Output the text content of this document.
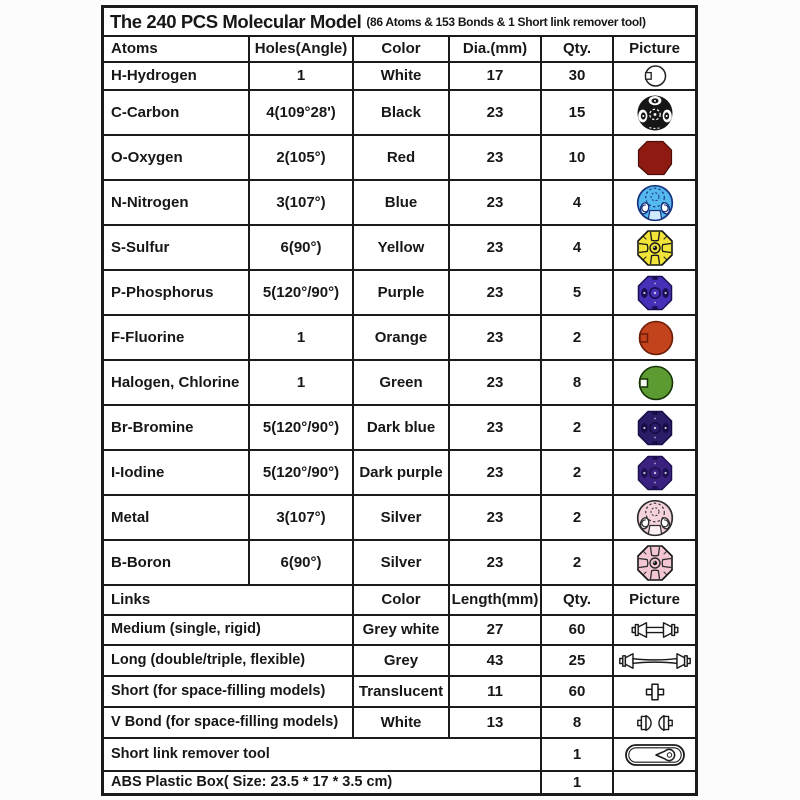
The 240 PCS Molecular Model (86 Atoms & 153 Bonds & 1 Short link remover tool)
Atoms	Holes(Angle)	Color	Dia.(mm)	Qty.	Picture
H-Hydrogen	1	White	17	30
C-Carbon	4(109°28')	Black	23	15
O-Oxygen	2(105°)	Red	23	10
N-Nitrogen	3(107°)	Blue	23	4
S-Sulfur	6(90°)	Yellow	23	4
P-Phosphorus	5(120°/90°)	Purple	23	5
F-Fluorine	1	Orange	23	2
Halogen, Chlorine	1	Green	23	8
Br-Bromine	5(120°/90°)	Dark blue	23	2
I-Iodine	5(120°/90°)	Dark purple	23	2
Metal	3(107°)	Silver	23	2
B-Boron	6(90°)	Silver	23	2
Links	Color	Length(mm)	Qty.	Picture
Medium (single, rigid)	Grey white	27	60
Long (double/triple, flexible)	Grey	43	25
Short (for space-filling models)	Translucent	11	60
V Bond (for space-filling models)	White	13	8
Short link remover tool	1
ABS Plastic Box( Size: 23.5 * 17 * 3.5 cm)	1
